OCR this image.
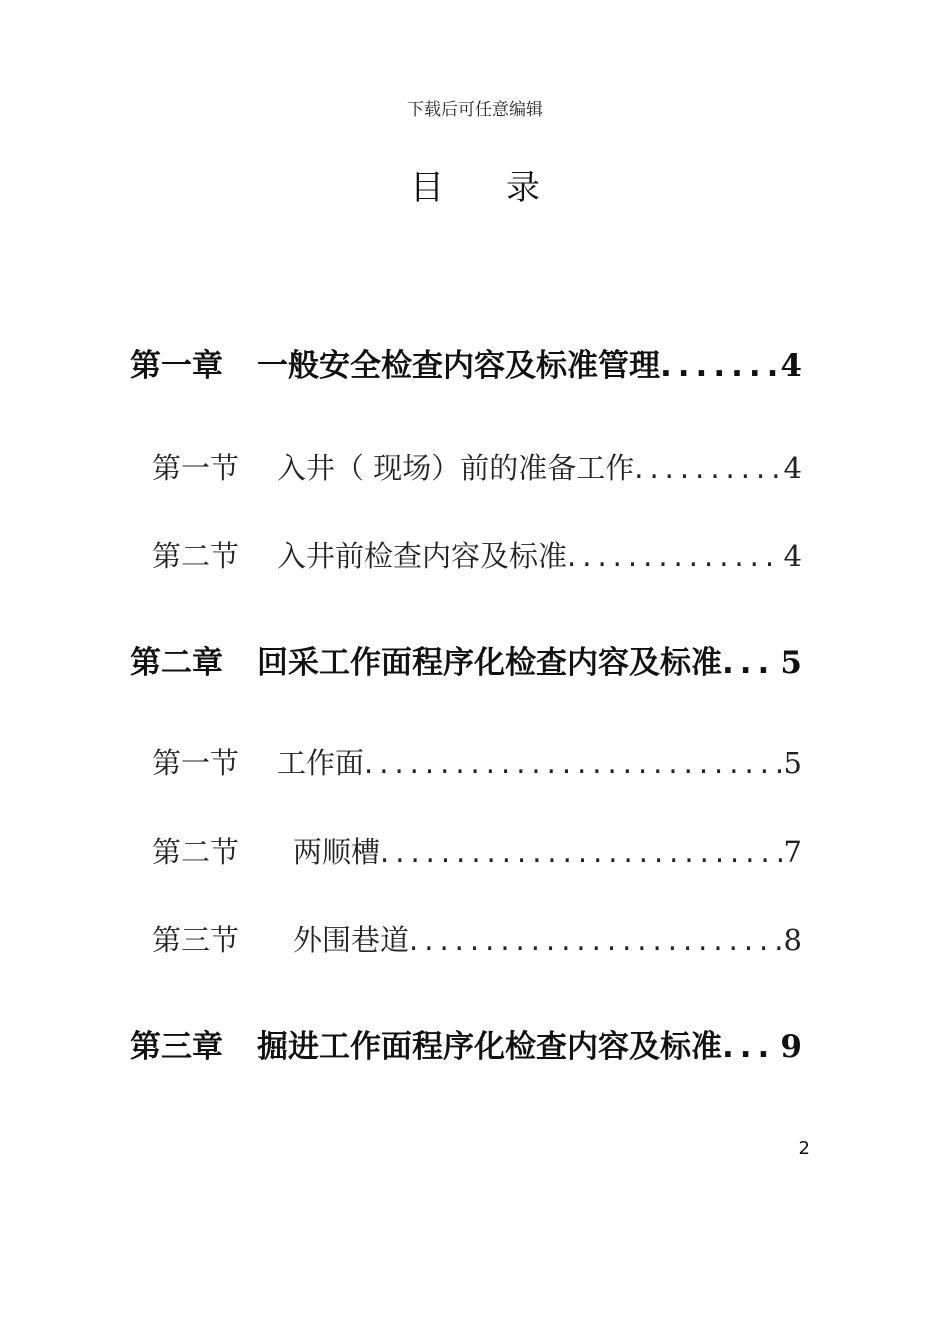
下载后可任意编辑
目 录
第一章 一般安全检查内容及标准管理 .....	4
第一节 入井（ 现场）前的准备工作 .....	4
第二节 入井前检查内容及标准 .....	4
第二章 回采工作面程序化检查内容及标准 ..... 5
第一节 工作面 .....	5
第二节 两顺槽 .....	7
第三节 外围巷道 .....	8
第三章 掘进工作面程序化检查内容及标准 ..... 9
2
